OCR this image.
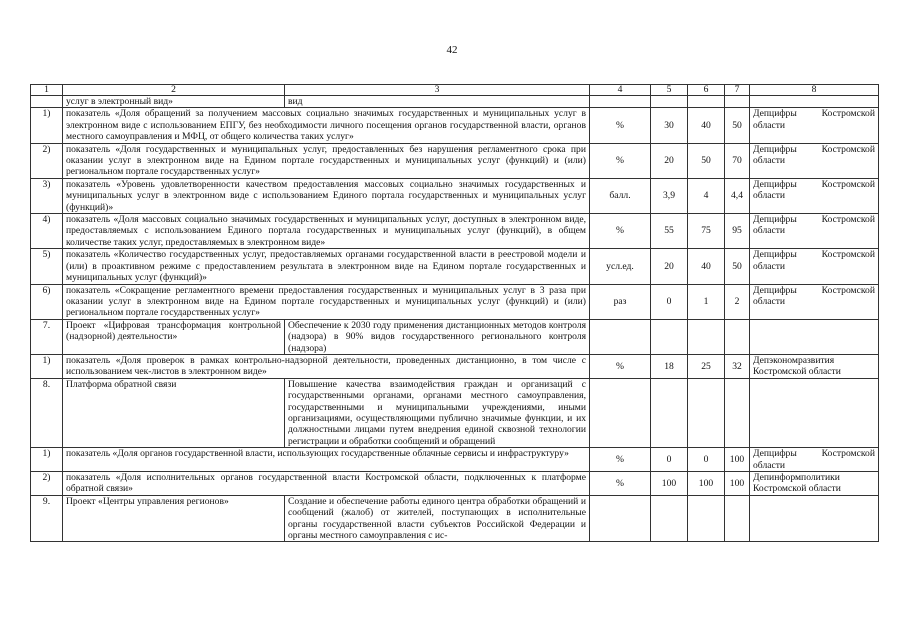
42
1	2	3	4	5	6	7	8
	услуг в электронный вид»	вид					
1)	показатель «Доля обращений за получением массовых социально значимых государственных и муниципальных услуг в электронном виде с использованием ЕПГУ, без необходимости личного посещения органов государственной власти, органов местного самоуправления и МФЦ, от общего количества таких услуг»		%	30	40	50	Депцифры Костромской области
2)	показатель «Доля государственных и муниципальных услуг, предоставленных без нарушения регламентного срока при оказании услуг в электронном виде на Едином портале государственных и муниципальных услуг (функций) и (или) региональном портале государственных услуг»		%	20	50	70	Депцифры Костромской области
3)	показатель «Уровень удовлетворенности качеством предоставления массовых социально значимых государственных и муниципальных услуг в электронном виде с использованием Единого портала государственных и муниципальных услуг (функций)»		балл.	3,9	4	4,4	Депцифры Костромской области
4)	показатель «Доля массовых социально значимых государственных и муниципальных услуг, доступных в электронном виде, предоставляемых с использованием Единого портала государственных и муниципальных услуг (функций), в общем количестве таких услуг, предоставляемых в электронном виде»		%	55	75	95	Депцифры Костромской области
5)	показатель «Количество государственных услуг, предоставляемых органами государственной власти в реестровой модели и (или) в проактивном режиме с предоставлением результата в электронном виде на Едином портале государственных и муниципальных услуг (функций)»		усл.ед.	20	40	50	Депцифры Костромской области
6)	показатель «Сокращение регламентного времени предоставления государственных и муниципальных услуг в 3 раза при оказании услуг в электронном виде на Едином портале государственных и муниципальных услуг (функций) и (или) региональном портале государственных услуг»		раз	0	1	2	Депцифры Костромской области
7.	Проект «Цифровая трансформация контрольной (надзорной) деятельности»	Обеспечение к 2030 году применения дистанционных методов контроля (надзора) в 90% видов государственного регионального контроля (надзора)					
1)	показатель «Доля проверок в рамках контрольно-надзорной деятельности, проведенных дистанционно, в том числе с использованием чек-листов в электронном виде»		%	18	25	32	Депэкономразвития Костромской области
8.	Платформа обратной связи	Повышение качества взаимодействия граждан и организаций с государственными органами, органами местного самоуправления, государственными и муниципальными учреждениями, иными организациями, осуществляющими публично значимые функции, и их должностными лицами путем внедрения единой сквозной технологии регистрации и обработки сообщений и обращений					
1)	показатель «Доля органов государственной власти, использующих государственные облачные сервисы и инфраструктуру»		%	0	0	100	Депцифры Костромской области
2)	показатель «Доля исполнительных органов государственной власти Костромской области, подключенных к платформе обратной связи»		%	100	100	100	Депинформполитики Костромской области
9.	Проект «Центры управления регионов»	Создание и обеспечение работы единого центра обработки обращений и сообщений (жалоб) от жителей, поступающих в исполнительные органы государственной власти субъектов Российской Федерации и органы местного самоуправления с ис-					
